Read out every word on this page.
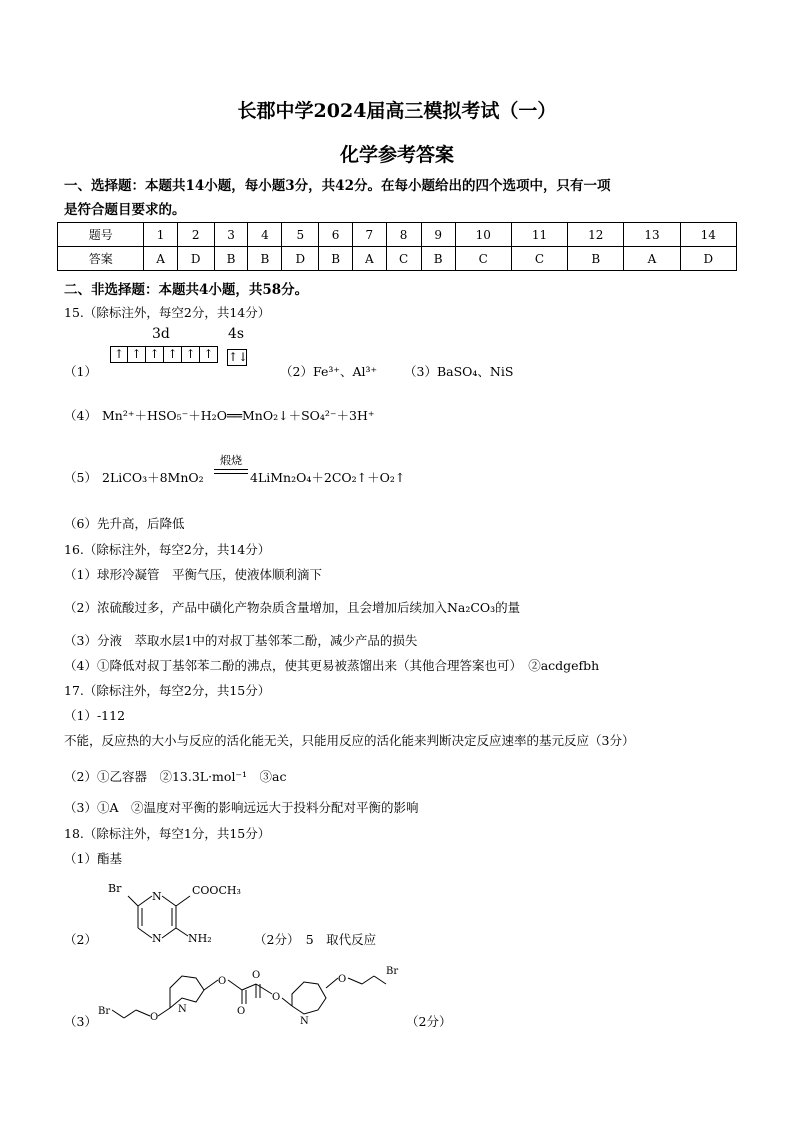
长郡中学2024届高三模拟考试（一）
化学参考答案
一、选择题：本题共14小题，每小题3分，共42分。在每小题给出的四个选项中，只有一项
是符合题目要求的。
题号	1	2	3	4	5	6	7	8	9	10	11	12	13	14
答案	A	D	B	B	D	B	A	C	B	C	C	B	A	D
二、非选择题：本题共4小题，共58分。
15.（除标注外，每空2分，共14分）
3d	4s
（1）
↑ ↑ ↑ ↑ ↑ ↑	↑↓
（2）Fe³⁺、Al³⁺ （3）BaSO₄、NiS
（4） Mn²⁺＋HSO₅⁻＋H₂O══MnO₂↓＋SO₄²⁻＋3H⁺
（5） 2LiCO₃＋8MnO₂
煅烧
4LiMn₂O₄＋2CO₂↑＋O₂↑
（6）先升高，后降低
16.（除标注外，每空2分，共14分）
（1）球形冷凝管　平衡气压，使液体顺利滴下
（2）浓硫酸过多，产品中磺化产物杂质含量增加，且会增加后续加入Na₂CO₃的量
（3）分液　萃取水层1中的对叔丁基邻苯二酚，减少产品的损失
（4）①降低对叔丁基邻苯二酚的沸点，使其更易被蒸馏出来（其他合理答案也可）　②acdgefbh
17.（除标注外，每空2分，共15分）
（1）-112
不能，反应热的大小与反应的活化能无关，只能用反应的活化能来判断决定反应速率的基元反应（3分）
（2）①乙容器　②13.3L·mol⁻¹　③ac
（3）①A　②温度对平衡的影响远远大于投料分配对平衡的影响
18.（除标注外，每空1分，共15分）
（1）酯基
（2）
N
N
Br	COOCH₃
NH₂	（2分）　5　取代反应
（3）
Br
O
N
O
O
O
O
N
O
Br
（2分）
